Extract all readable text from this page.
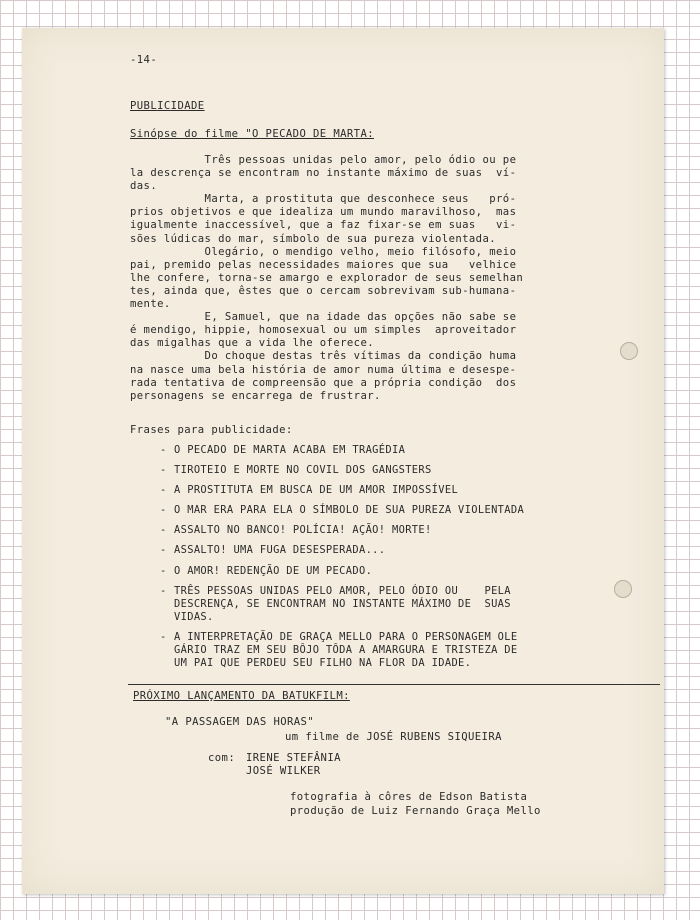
-14-

PUBLICIDADE

Sinópse do filme "O PECADO DE MARTA:

Três pessoas unidas pelo amor, pelo ódio ou pe
la descrença se encontram no instante máximo de suas  ví-
das.
Marta, a prostituta que desconhece seus   pró-
prios objetivos e que idealiza um mundo maravilhoso,  mas
igualmente inaccessível, que a faz fixar-se em suas   vi-
sões lúdicas do mar, símbolo de sua pureza violentada.
Olegário, o mendigo velho, meio filósofo, meio
pai, premido pelas necessidades maiores que sua   velhice
lhe confere, torna-se amargo e explorador de seus semelhan
tes, ainda que, êstes que o cercam sobrevivam sub-humana-
mente.
E, Samuel, que na idade das opções não sabe se
é mendigo, hippie, homosexual ou um simples  aproveitador
das migalhas que a vida lhe oferece.
Do choque destas três vítimas da condição huma
na nasce uma bela história de amor numa última e desespe-
rada tentativa de compreensão que a própria condição  dos
personagens se encarrega de frustrar.

Frases para publicidade:

- O PECADO DE MARTA ACABA EM TRAGÉDIA
- TIROTEIO E MORTE NO COVIL DOS GANGSTERS
- A PROSTITUTA EM BUSCA DE UM AMOR IMPOSSÍVEL
- O MAR ERA PARA ELA O SÍMBOLO DE SUA PUREZA VIOLENTADA
- ASSALTO NO BANCO! POLÍCIA! AÇÃO! MORTE!
- ASSALTO! UMA FUGA DESESPERADA...
- O AMOR! REDENÇÃO DE UM PECADO.
- TRÊS PESSOAS UNIDAS PELO AMOR, PELO ÓDIO OU    PELA
DESCRENÇA, SE ENCONTRAM NO INSTANTE MÁXIMO DE  SUAS
VIDAS.
- A INTERPRETAÇÃO DE GRAÇA MELLO PARA O PERSONAGEM OLE
GÁRIO TRAZ EM SEU BÔJO TÔDA A AMARGURA E TRISTEZA DE
UM PAI QUE PERDEU SEU FILHO NA FLOR DA IDADE.

PRÓXIMO LANÇAMENTO DA BATUKFILM:

"A PASSAGEM DAS HORAS"

um filme de JOSÉ RUBENS SIQUEIRA

com: IRENE STEFÂNIA

JOSÉ WILKER

fotografia à côres de Edson Batista

produção de Luiz Fernando Graça Mello
